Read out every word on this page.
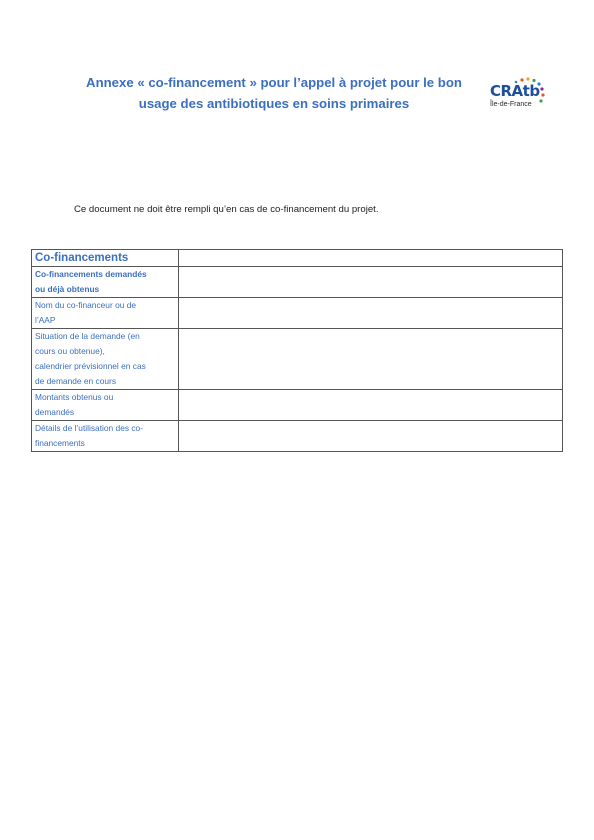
Annexe « co-financement » pour l’appel à projet pour le bon
usage des antibiotiques en soins primaires
CRAtb
Île-de-France
Ce document ne doit être rempli qu’en cas de co-financement du projet.
Co-financements	

Co-financements demandés
ou déjà obtenus	

Nom du co-financeur ou de
l’AAP	

Situation de la demande (en
cours ou obtenue),
calendrier prévisionnel en cas
de demande en cours	

Montants obtenus ou
demandés	

Détails de l’utilisation des co-
financements	
